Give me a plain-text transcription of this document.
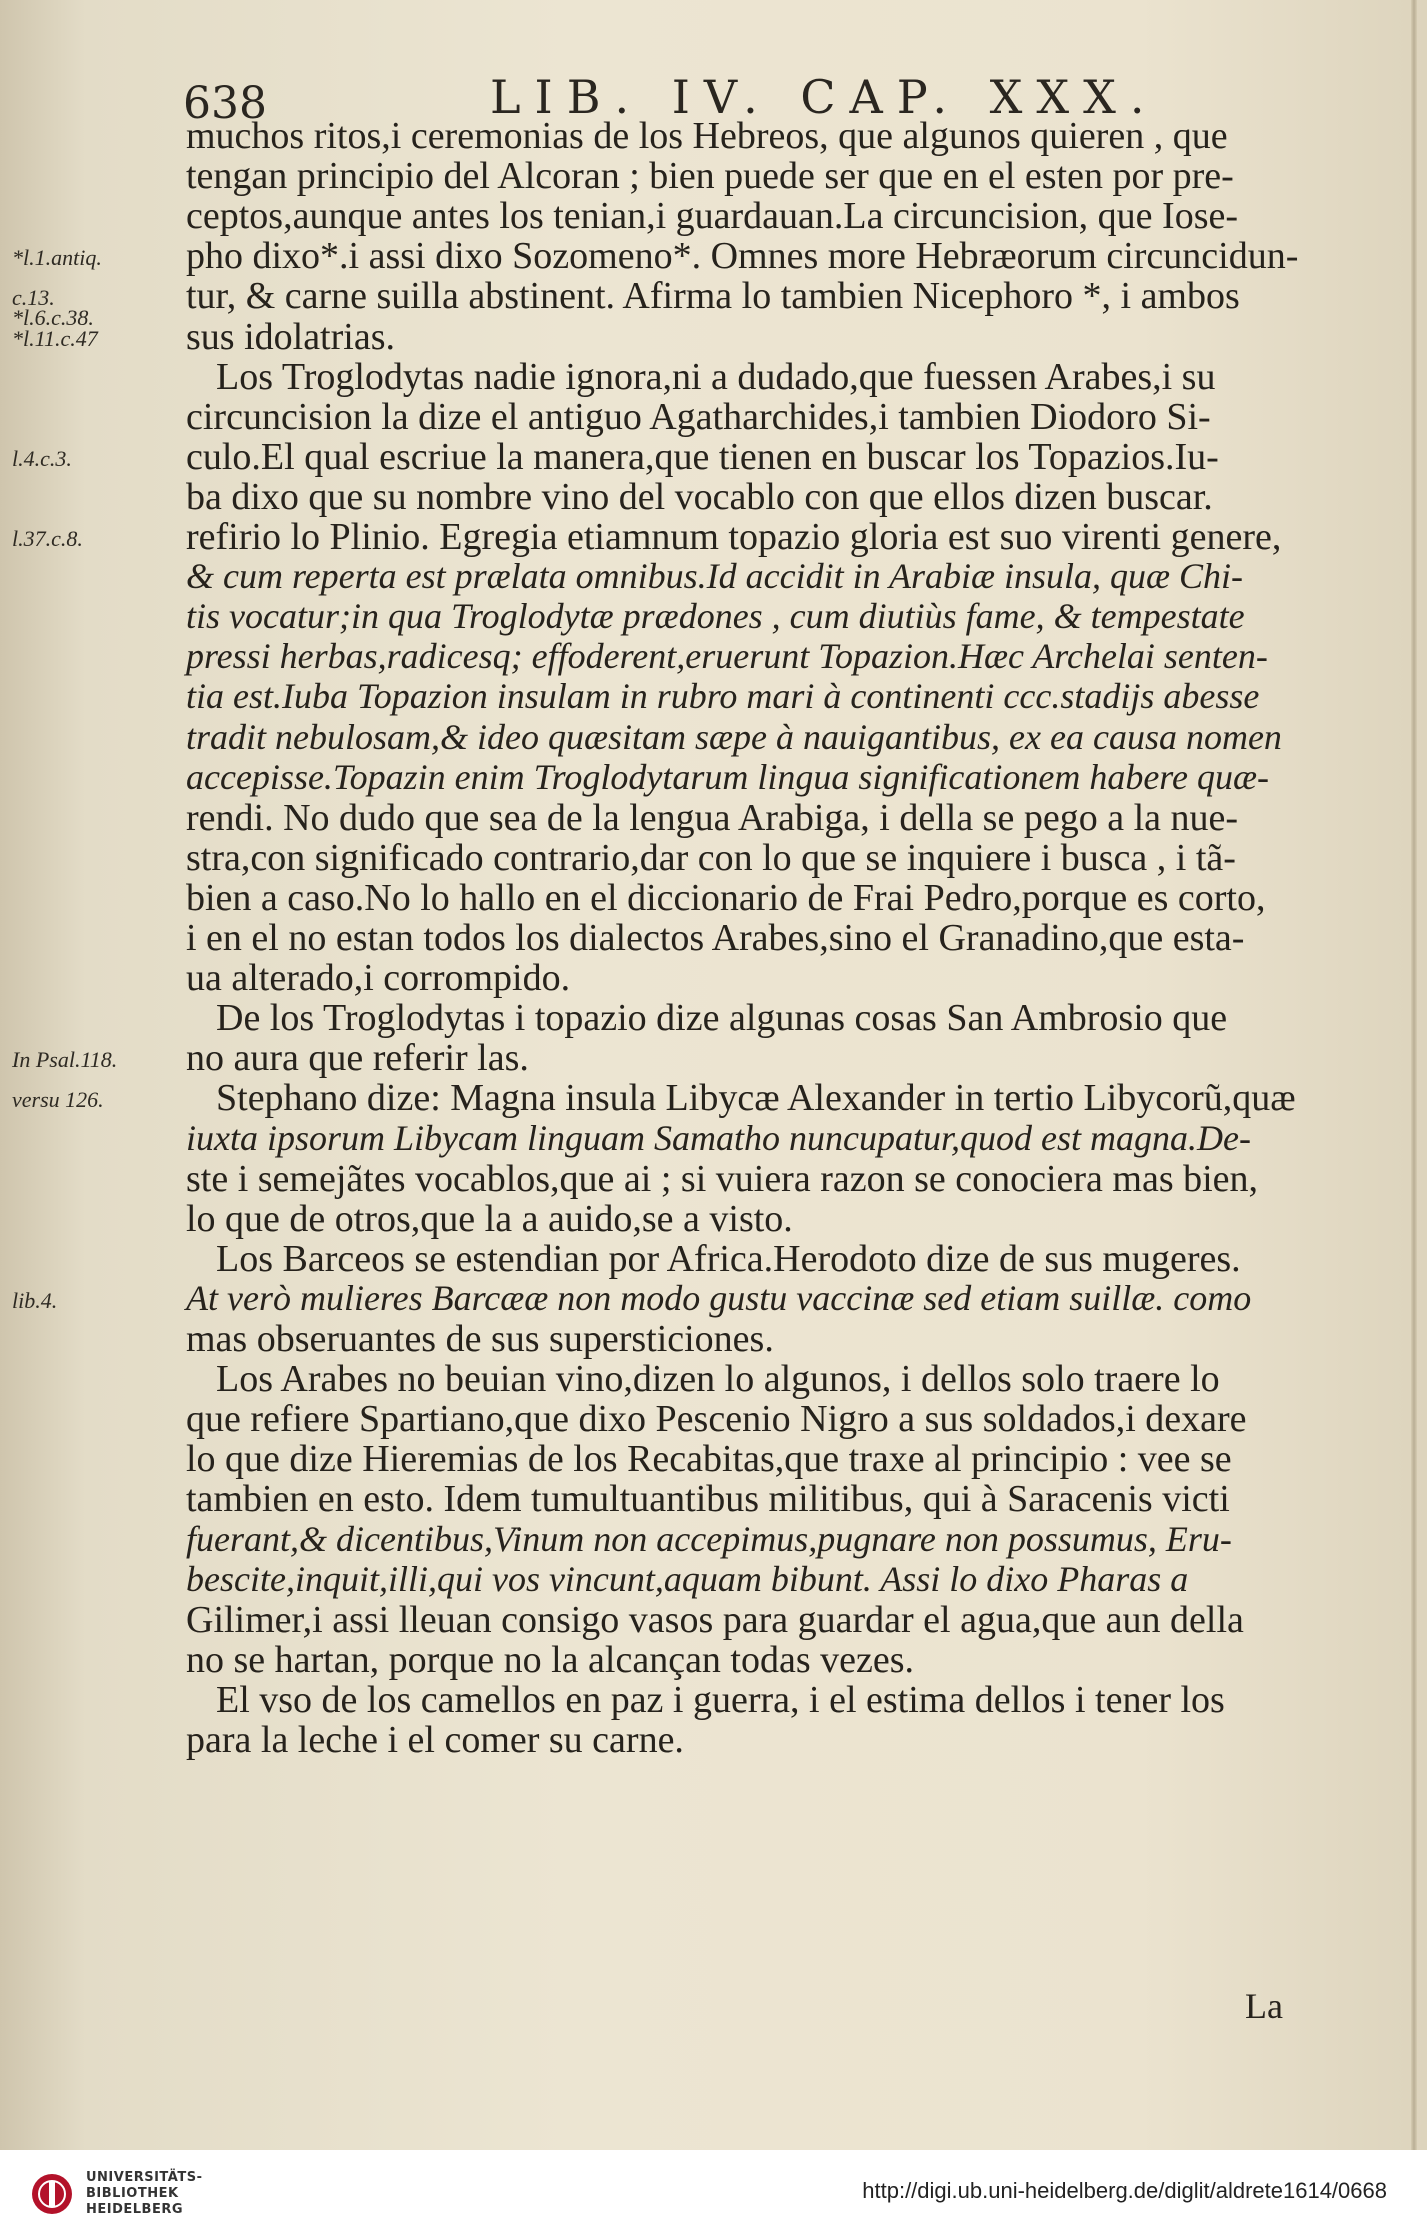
638	LIB. IV. CAP. XXX.
muchos ritos,i ceremonias de los Hebreos, que algunos quieren , que
tengan principio del Alcoran ; bien puede ser que en el esten por pre-
ceptos,aunque antes los tenian,i guardauan.La circuncision, que Iose-
pho dixo*.i assi dixo Sozomeno*. Omnes more Hebræorum circuncidun-
tur, & carne suilla abstinent. Afirma lo tambien Nicephoro *, i ambos
sus idolatrias.
Los Troglodytas nadie ignora,ni a dudado,que fuessen Arabes,i su
circuncision la dize el antiguo Agatharchides,i tambien Diodoro Si-
culo.El qual escriue la manera,que tienen en buscar los Topazios.Iu-
ba dixo que su nombre vino del vocablo con que ellos dizen buscar.
refirio lo Plinio. Egregia etiamnum topazio gloria est suo virenti genere,
& cum reperta est prælata omnibus.Id accidit in Arabiæ insula, quæ Chi-
tis vocatur;in qua Troglodytæ prædones , cum diutiùs fame, & tempestate
pressi herbas,radicesq; effoderent,eruerunt Topazion.Hæc Archelai senten-
tia est.Iuba Topazion insulam in rubro mari à continenti ccc.stadijs abesse
tradit nebulosam,& ideo quæsitam sæpe à nauigantibus, ex ea causa nomen
accepisse.Topazin enim Troglodytarum lingua significationem habere quæ-
rendi. No dudo que sea de la lengua Arabiga, i della se pego a la nue-
stra,con significado contrario,dar con lo que se inquiere i busca , i tã-
bien a caso.No lo hallo en el diccionario de Frai Pedro,porque es corto,
i en el no estan todos los dialectos Arabes,sino el Granadino,que esta-
ua alterado,i corrompido.
De los Troglodytas i topazio dize algunas cosas San Ambrosio que
no aura que referir las.
Stephano dize: Magna insula Libycæ Alexander in tertio Libycorũ,quæ
iuxta ipsorum Libycam linguam Samatho nuncupatur,quod est magna.De-
ste i semejãtes vocablos,que ai ; si vuiera razon se conociera mas bien,
lo que de otros,que la a auido,se a visto.
Los Barceos se estendian por Africa.Herodoto dize de sus mugeres.
At verò mulieres Barcææ non modo gustu vaccinæ sed etiam suillæ. como
mas obseruantes de sus supersticiones.
Los Arabes no beuian vino,dizen lo algunos, i dellos solo traere lo
que refiere Spartiano,que dixo Pescenio Nigro a sus soldados,i dexare
lo que dize Hieremias de los Recabitas,que traxe al principio : vee se
tambien en esto. Idem tumultuantibus militibus, qui à Saracenis victi
fuerant,& dicentibus,Vinum non accepimus,pugnare non possumus, Eru-
bescite,inquit,illi,qui vos vincunt,aquam bibunt. Assi lo dixo Pharas a
Gilimer,i assi lleuan consigo vasos para guardar el agua,que aun della
no se hartan, porque no la alcançan todas vezes.
El vso de los camellos en paz i guerra, i el estima dellos i tener los
para la leche i el comer su carne.
*l.1.antiq.
c.13.
*l.6.c.38.
*l.11.c.47
l.4.c.3.
l.37.c.8.
In Psal.118.
versu 126.
lib.4.
La
UNIVERSITÄTS-
BIBLIOTHEK
HEIDELBERG
http://digi.ub.uni-heidelberg.de/diglit/aldrete1614/0668
